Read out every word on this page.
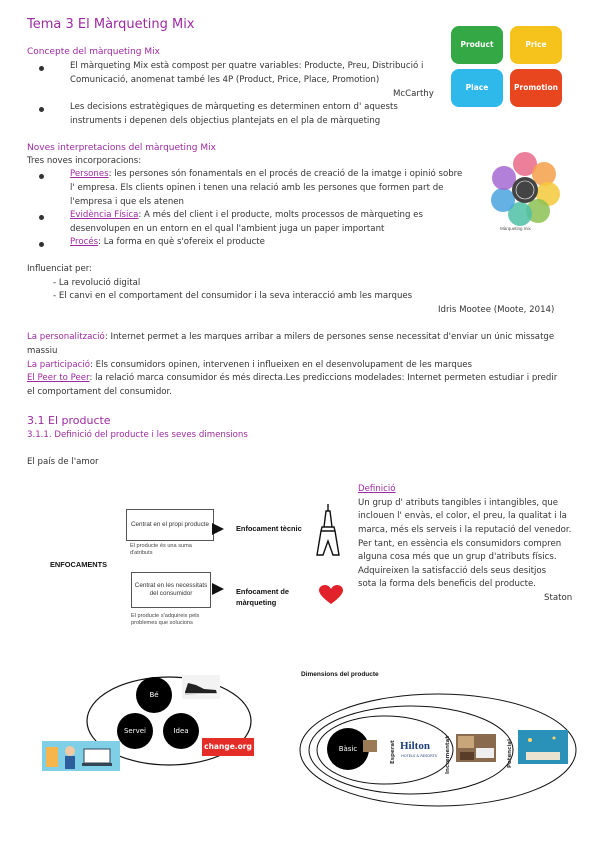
Tema 3 El Màrqueting Mix
Concepte del màrqueting Mix
El màrqueting Mix està compost per quatre variables: Producte, Preu, Distribució i
Comunicació, anomenat també les 4P (Product, Price, Place, Promotion)
McCarthy
Les decisions estratègiques de màrqueting es determinen entorn d' aquests
instruments i depenen dels objectius plantejats en el pla de màrqueting
Product	Price
Place	Promotion
Noves interpretacions del màrqueting Mix
Tres noves incorporacions:
Persones: les persones són fonamentals en el procés de creació de la imatge i opinió sobre
l' empresa. Els clients opinen i tenen una relació amb les persones que formen part de
l'empresa i que els atenen
Evidència Física: A més del client i el producte, molts processos de màrqueting es
desenvolupen en un entorn en el qual l'ambient juga un paper important
Procés: La forma en què s'ofereix el producte
Màrqueting mix
Influenciat per:
- La revolució digital
- El canvi en el comportament del consumidor i la seva interacció amb les marques
Idris Mootee (Moote, 2014)
La personalització: Internet permet a les marques arribar a milers de persones sense necessitat d'enviar un únic missatge
massiu
La participació: Els consumidors opinen, intervenen i influeixen en el desenvolupament de les marques
El Peer to Peer: la relació marca consumidor és més directa.Les prediccions modelades: Internet permeten estudiar i predir
el comportament del consumidor.
3.1 El producte
3.1.1. Definició del producte i les seves dimensions
El país de l'amor
ENFOCAMENTS
Centrat en el propi producte
El producte és una suma d'atributs
Centrat en les necessitats del consumidor
El producte s'adquireix pels problemes que solucions
Enfocament tècnic
Enfocament de
màrqueting
Definició
Un grup d' atributs tangibles i intangibles, que
inclouen l' envàs, el color, el preu, la qualitat i la
marca, més els serveis i la reputació del venedor.
Per tant, en essència els consumidors compren
alguna cosa més que un grup d'atributs físics.
Adquireixen la satisfacció dels seus desitjos
sota la forma dels beneficis del producte.
Staton
Bé
Servei	Idea
change.org
Dimensions del producte
Bàsic	Esperat Hilton
HOTELS & RESORTS Incrementat	Potencial
